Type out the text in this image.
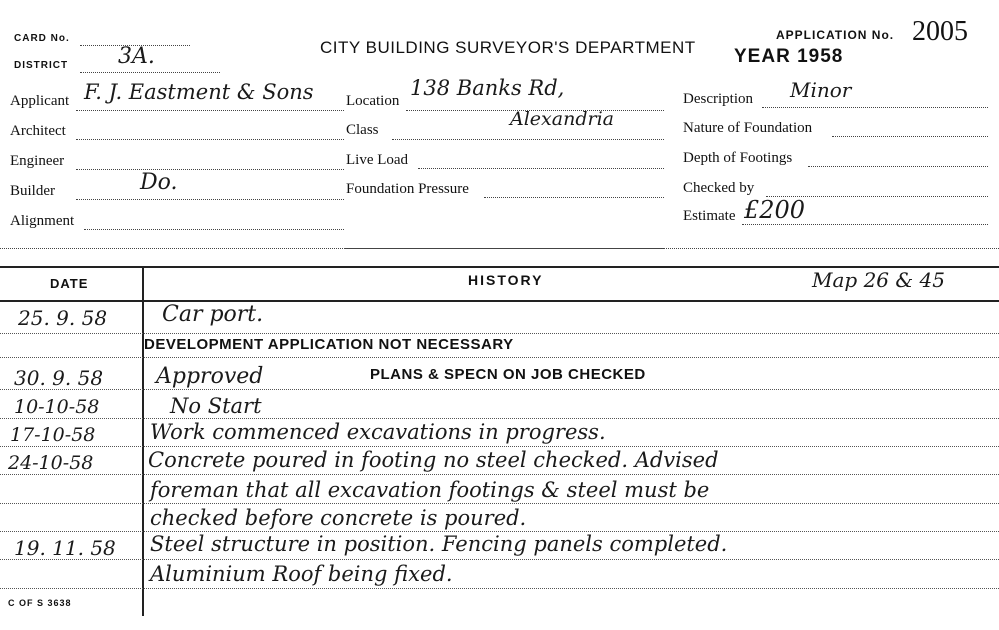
CARD No.
DISTRICT 3A.	CITY BUILDING SURVEYOR'S DEPARTMENT
APPLICATION No. 2005
YEAR 1958
Applicant F. J. Eastment & Sons
Architect
Engineer
Builder	Do.
Alignment
Location
138 Banks Rd,
Class	Alexandria
Live Load
Foundation Pressure
Description Minor
Nature of Foundation
Depth of Footings
Checked by
Estimate £200
DATE	HISTORY	Map 26 & 45
25. 9. 58 Car port.
DEVELOPMENT APPLICATION NOT NECESSARY
30. 9. 58 Approved	PLANS & SPECN ON JOB CHECKED
10-10-58	No Start
17-10-58	Work commenced excavations in progress.
24-10-58	Concrete poured in footing no steel checked. Advised
foreman that all excavation footings & steel must be
checked before concrete is poured.
19. 11. 58 Steel structure in position. Fencing panels completed.
Aluminium Roof being fixed.
C OF S 3638
